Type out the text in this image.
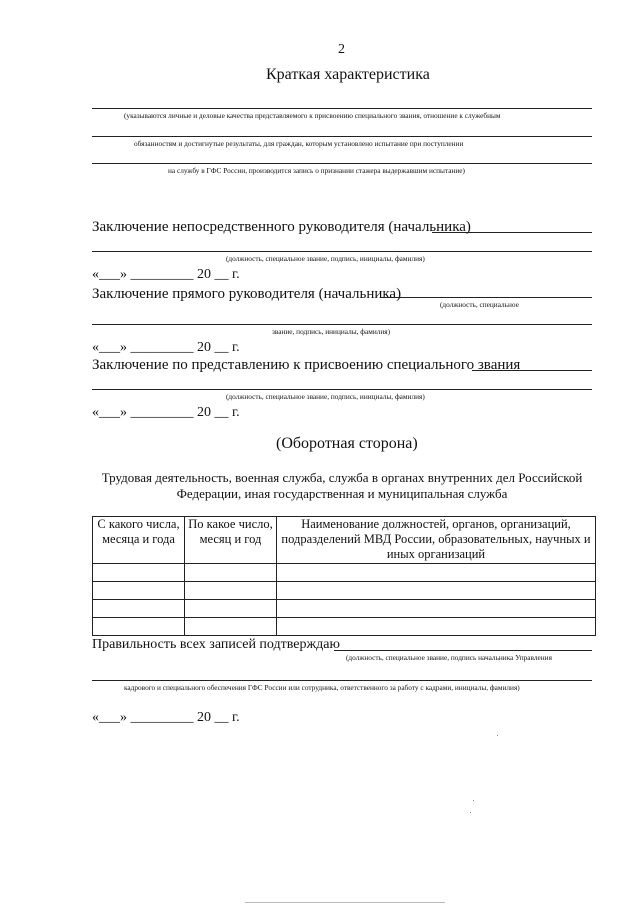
2
Краткая характеристика
(указываются личные и деловые качества представляемого к присвоению специального звания, отношение к служебным
обязанностям и достигнутые результаты, для граждан, которым установлено испытание при поступлении
на службу в ГФС России, производится запись о признании стажера выдержавшим испытание)
Заключение непосредственного руководителя (начальника)
(должность, специальное звание, подпись, инициалы, фамилия)
«___» _________ 20 __ г.
Заключение прямого руководителя (начальника)
(должность, специальное
звание, подпись, инициалы, фамилия)
«___» _________ 20 __ г.
Заключение по представлению к присвоению специального звания
(должность, специальное звание, подпись, инициалы, фамилия)
«___» _________ 20 __ г.
(Оборотная сторона)
Трудовая деятельность, военная служба, служба в органах внутренних дел Российской
Федерации, иная государственная и муниципальная служба
С какого числа, месяца и года	По какое число, месяц и год	Наименование должностей, органов, организаций, подразделений МВД России, образовательных, научных и иных организаций

Правильность всех записей подтверждаю
(должность, специальное звание, подпись начальника Управления
кадрового и специального обеспечения ГФС России или сотрудника, ответственного за работу с кадрами, инициалы, фамилия)
«___» _________ 20 __ г.
